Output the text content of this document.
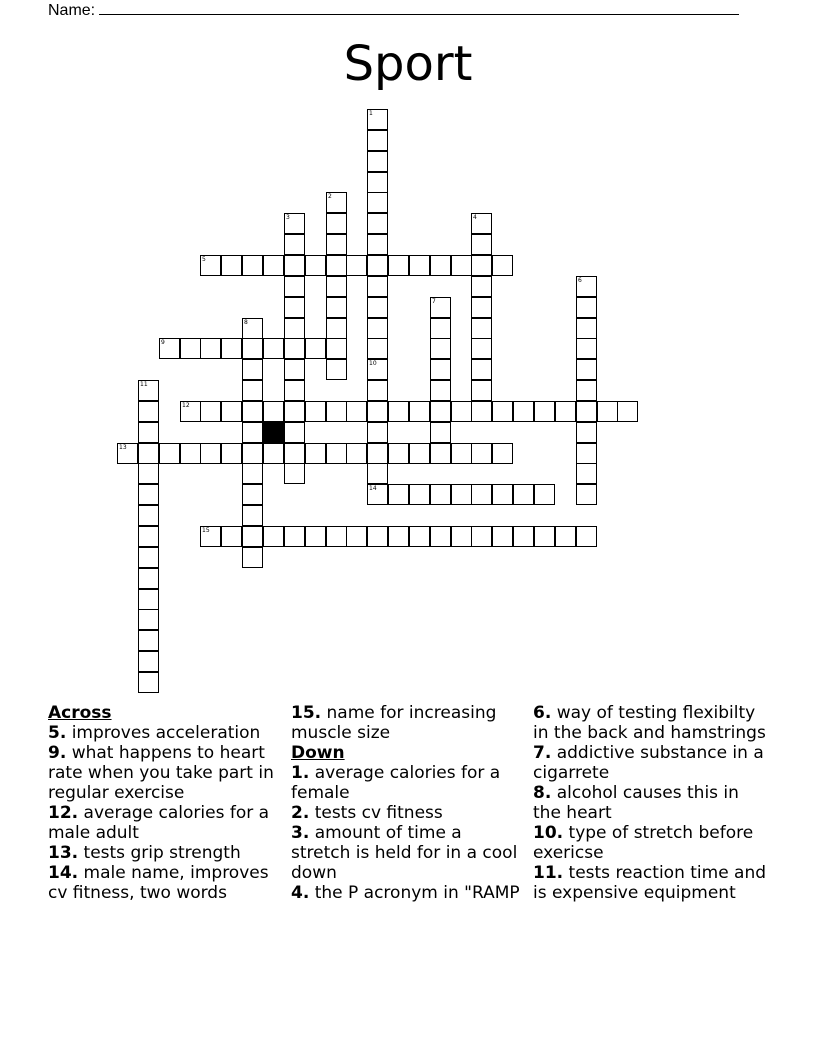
Name:
Sport
1
2
3	4
5
6
7
8
9
10
14
11
12
13
15
Across
5. improves acceleration
9. what happens to heart rate when you take part in regular exercise
12. average calories for a male adult
13. tests grip strength
14. male name, improves cv fitness, two words
15. name for increasing muscle size
Down
1. average calories for a female
2. tests cv fitness
3. amount of time a stretch is held for in a cool down
4. the P acronym in "RAMP
6. way of testing flexibilty in the back and hamstrings
7. addictive substance in a cigarrete
8. alcohol causes this in the heart
10. type of stretch before exericse
11. tests reaction time and is expensive equipment
